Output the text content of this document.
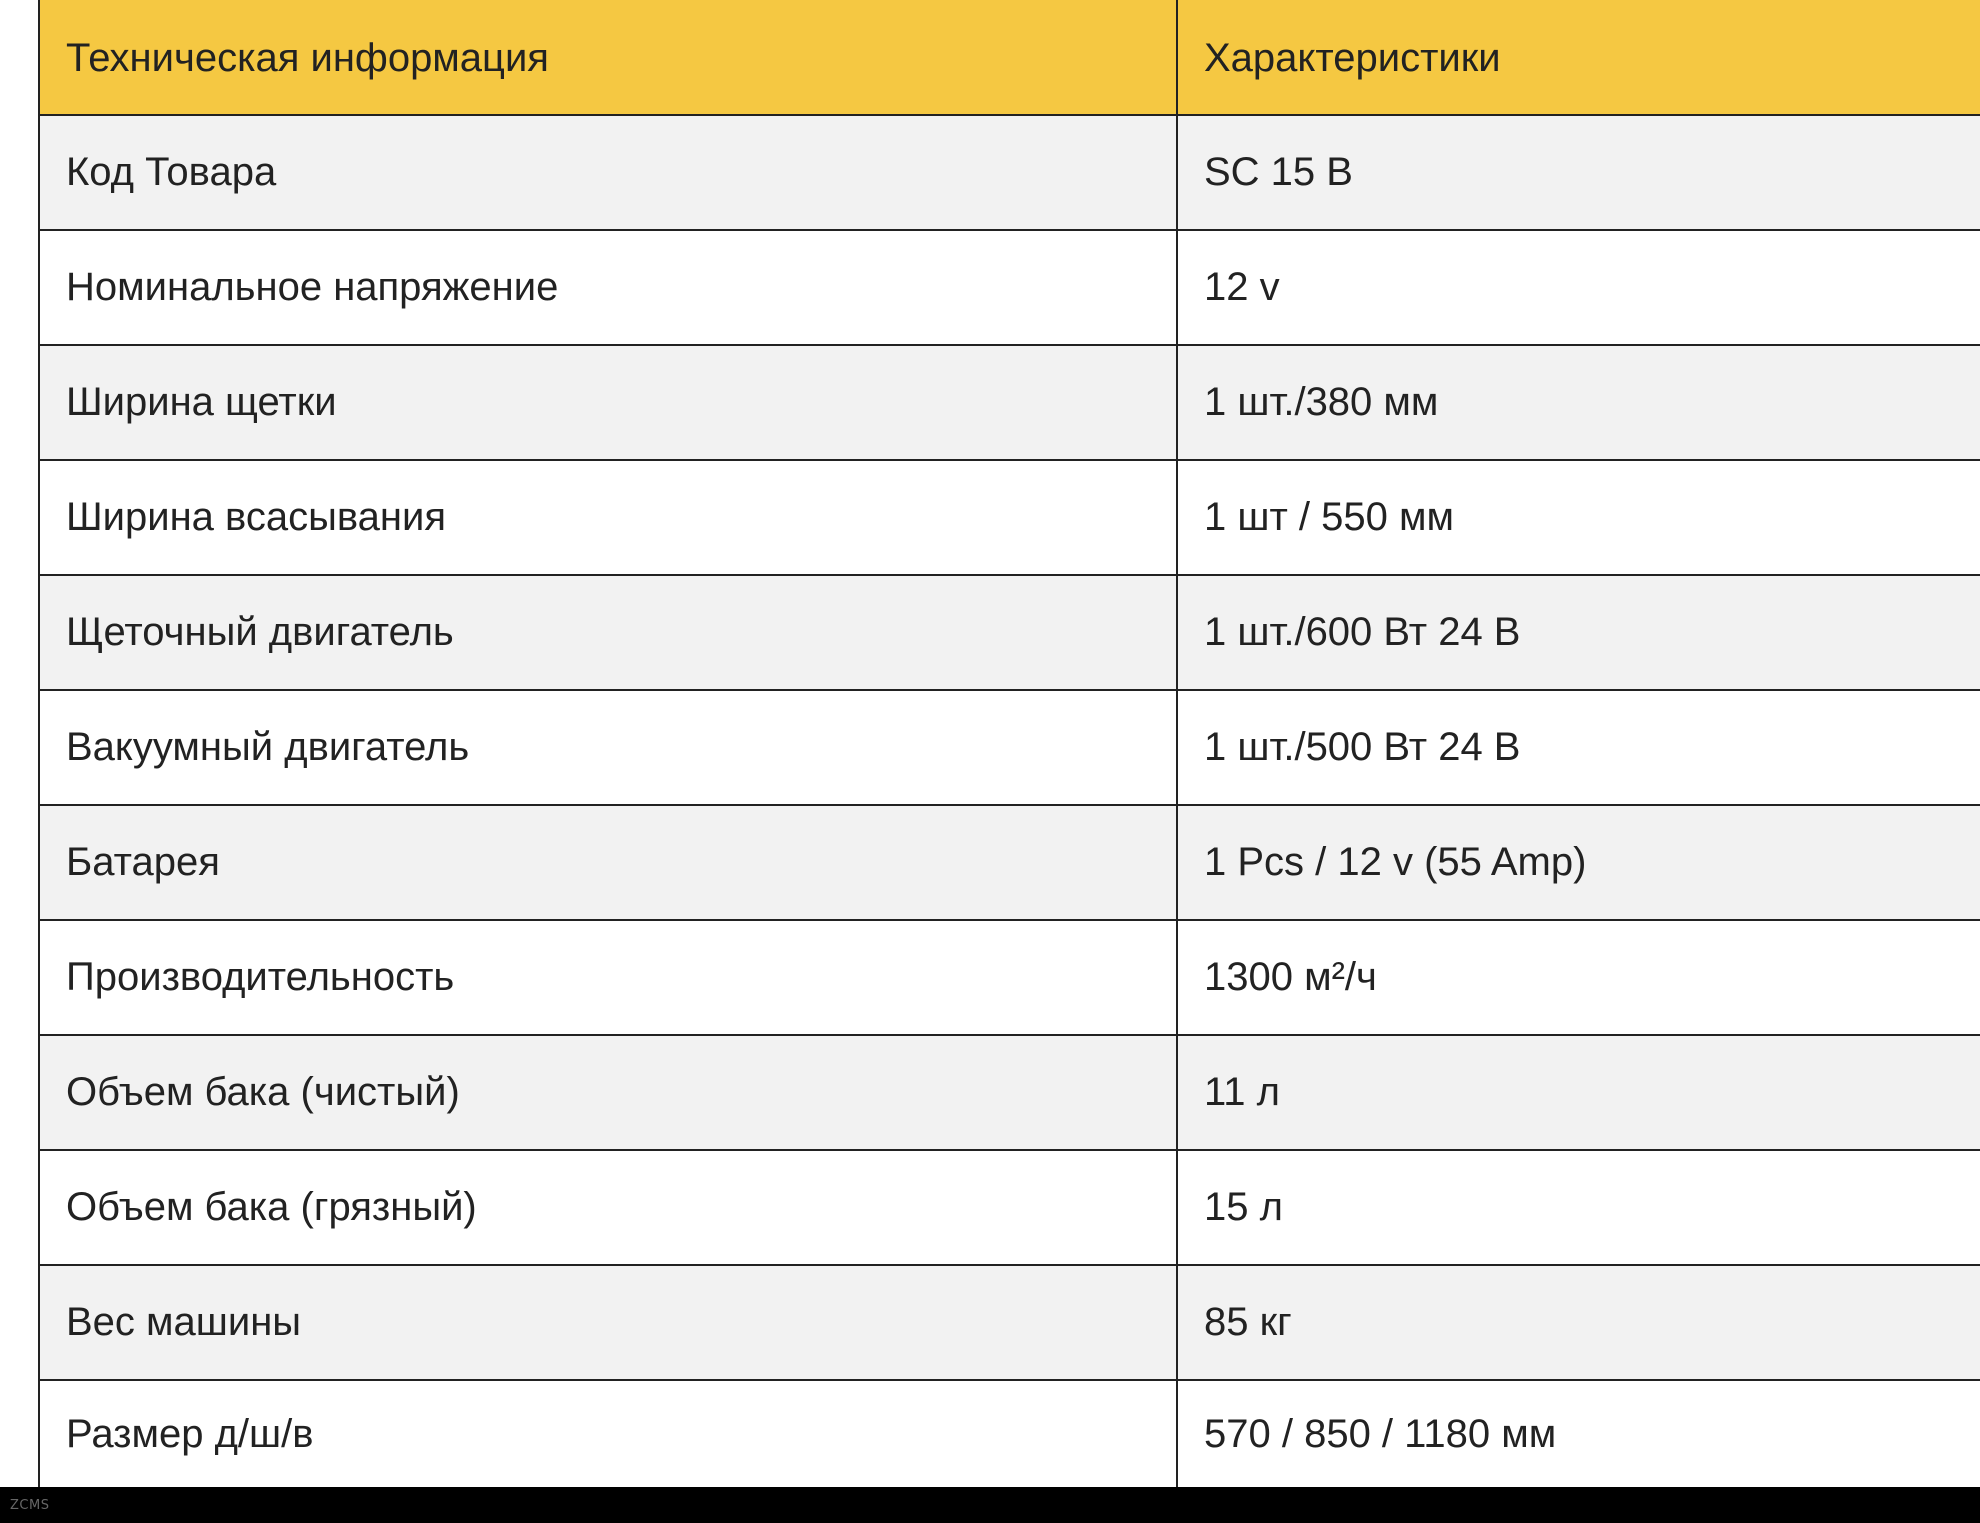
Техническая информация	Характеристики
Код Товара	SC 15 B
Номинальное напряжение	12 v
Ширина щетки	1 шт./380 мм
Ширина всасывания	1 шт / 550 мм
Щеточный двигатель	1 шт./600 Вт 24 В
Вакуумный двигатель	1 шт./500 Вт 24 В
Батарея	1 Pcs / 12 v (55 Amp)
Производительность	1300 м²/ч
Объем бака (чистый)	11 л
Объем бака (грязный)	15 л
Вес машины	85 кг
Размер д/ш/в	570 / 850 / 1180 мм
ZCMS
